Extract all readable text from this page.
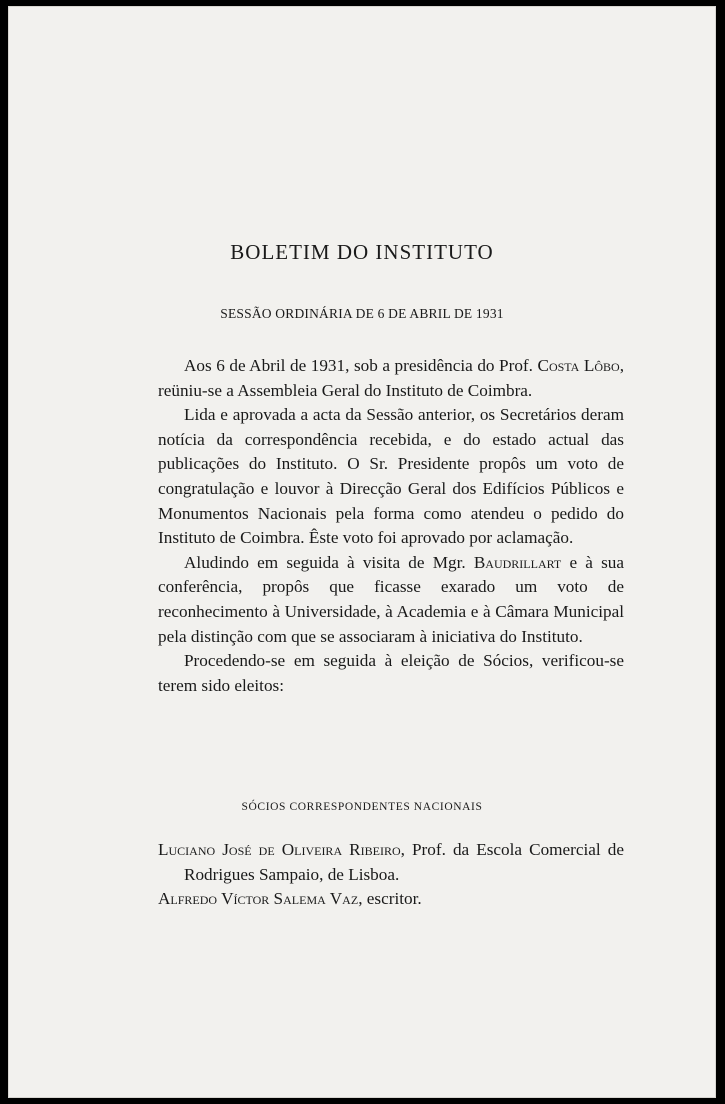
BOLETIM DO INSTITUTO
SESSÃO ORDINÁRIA DE 6 DE ABRIL DE 1931

Aos 6 de Abril de 1931, sob a presidência do Prof. Costa Lôbo, reüniu-se a Assembleia Geral do Instituto de Coimbra.

Lida e aprovada a acta da Sessão anterior, os Secretários deram notícia da correspondência recebida, e do estado actual das publicações do Instituto. O Sr. Presidente propôs um voto de congratulação e louvor à Direcção Geral dos Edifícios Públicos e Monumentos Nacionais pela forma como atendeu o pedido do Instituto de Coimbra. Êste voto foi aprovado por aclamação.

Aludindo em seguida à visita de Mgr. Baudrillart e à sua conferência, propôs que ficasse exarado um voto de reconhecimento à Universidade, à Academia e à Câmara Municipal pela distinção com que se associaram à iniciativa do Instituto.

Procedendo-se em seguida à eleição de Sócios, verificou-se terem sido eleitos:

SÓCIOS CORRESPONDENTES NACIONAIS
Luciano José de Oliveira Ribeiro, Prof. da Escola Comercial de Rodrigues Sampaio, de Lisboa.
Alfredo Víctor Salema Vaz, escritor.
